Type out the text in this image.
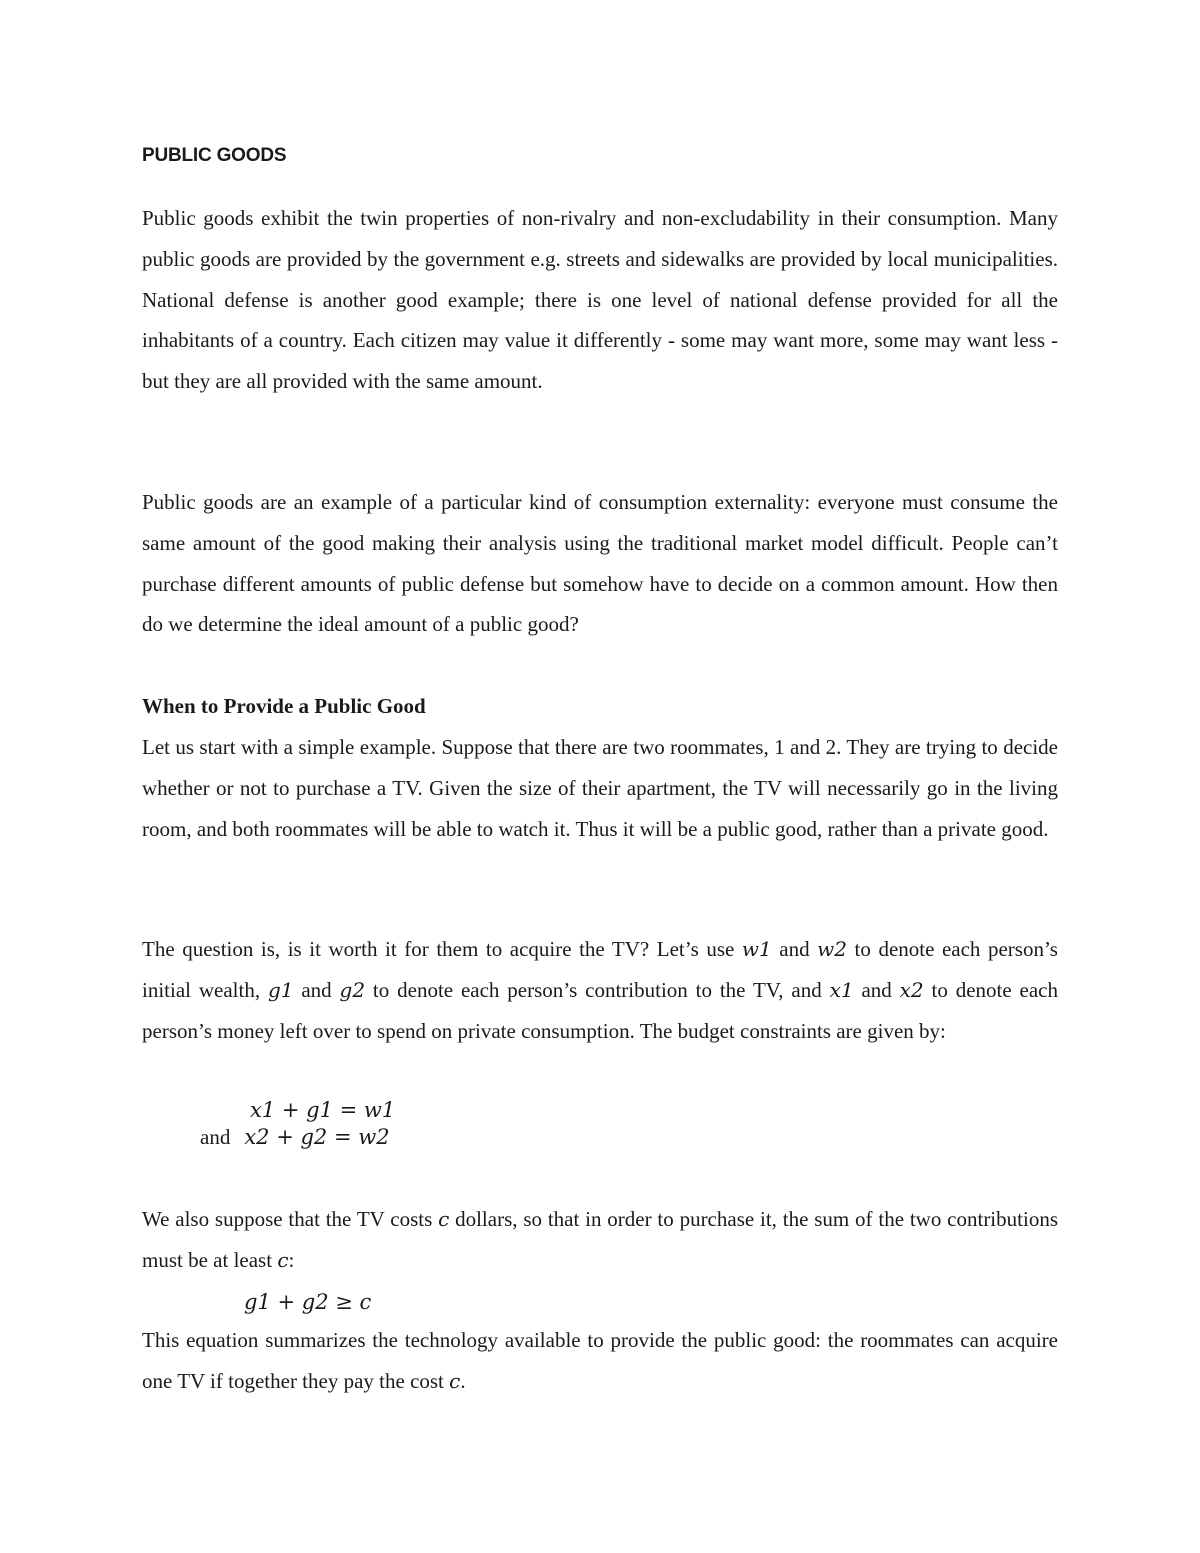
PUBLIC GOODS

Public goods exhibit the twin properties of non-rivalry and non-excludability in their consumption. Many public goods are provided by the government e.g. streets and sidewalks are provided by local municipalities. National defense is another good example; there is one level of national defense provided for all the inhabitants of a country. Each citizen may value it differently - some may want more, some may want less - but they are all provided with the same amount.

Public goods are an example of a particular kind of consumption externality: everyone must consume the same amount of the good making their analysis using the traditional market model difficult. People can’t purchase different amounts of public defense but somehow have to decide on a common amount. How then do we determine the ideal amount of a public good?

When to Provide a Public Good

Let us start with a simple example. Suppose that there are two roommates, 1 and 2. They are trying to decide whether or not to purchase a TV. Given the size of their apartment, the TV will necessarily go in the living room, and both roommates will be able to watch it. Thus it will be a public good, rather than a private good.

The question is, is it worth it for them to acquire the TV? Let’s use w1 and w2 to denote each person’s initial wealth, g1 and g2 to denote each person’s contribution to the TV, and x1 and x2 to denote each person’s money left over to spend on private consumption. The budget constraints are given by:

x1 + g1 = w1
and x2 + g2 = w2

We also suppose that the TV costs c dollars, so that in order to purchase it, the sum of the two contributions must be at least c:

g1 + g2 ≥ c

This equation summarizes the technology available to provide the public good: the roommates can acquire one TV if together they pay the cost c.
